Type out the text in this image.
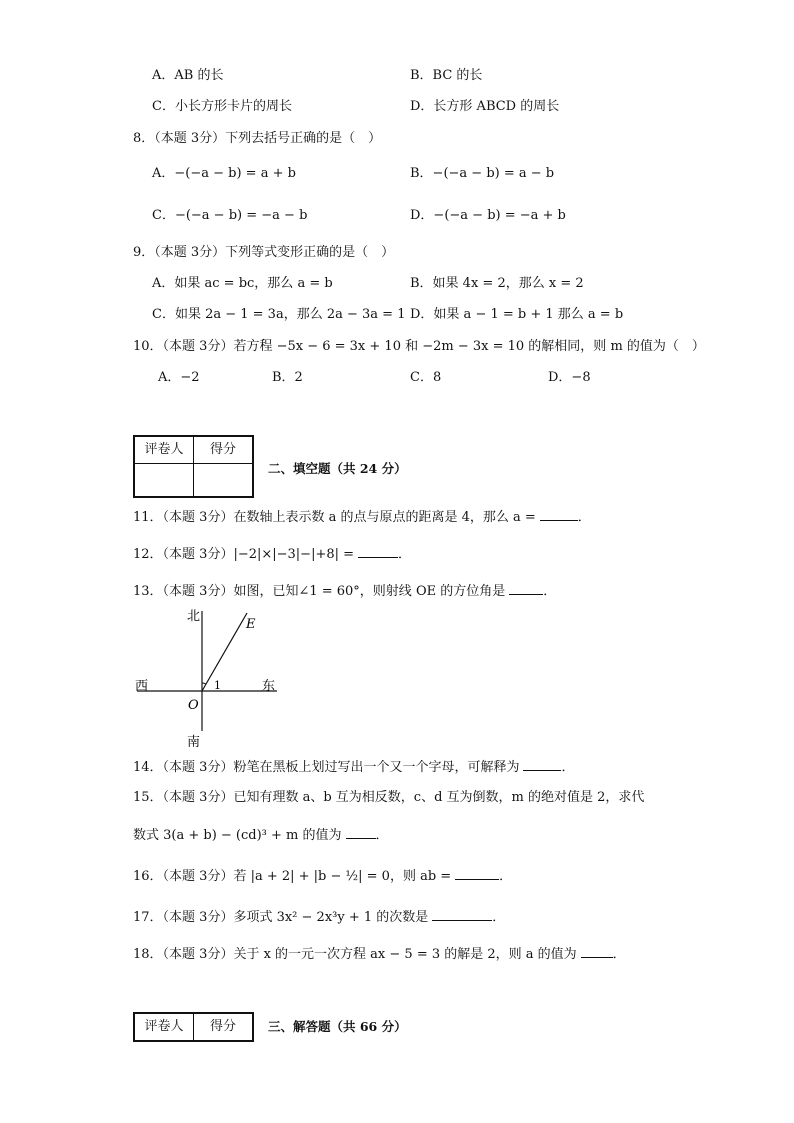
A．AB 的长	B．BC 的长
C．小长方形卡片的周长	D．长方形 ABCD 的周长
8．（本题 3分）下列去括号正确的是（　）
A．−(−a − b) = a + b	B．−(−a − b) = a − b
C．−(−a − b) = −a − b	D．−(−a − b) = −a + b
9．（本题 3分）下列等式变形正确的是（　）
A．如果 ac = bc，那么 a = b	B．如果 4x = 2，那么 x = 2
C．如果 2a − 1 = 3a，那么 2a − 3a = 1 D．如果 a − 1 = b + 1 那么 a = b
10．（本题 3分）若方程 −5x − 6 = 3x + 10 和 −2m − 3x = 10 的解相同，则 m 的值为（　）
A．−2	B．2	C．8	D．−8
评卷人	得分

二、填空题（共 24 分）
11．（本题 3分）在数轴上表示数 a 的点与原点的距离是 4，那么 a =	．
12．（本题 3分）|−2|×|−3|−|+8| =	．
13．（本题 3分）如图，已知∠1 = 60°，则射线 OE 的方位角是	．
北
南
西	东
O
E
1
14．（本题 3分）粉笔在黑板上划过写出一个又一个字母，可解释为	．
15．（本题 3分）已知有理数 a、b 互为相反数，c、d 互为倒数，m 的绝对值是 2，求代
数式 3(a + b) − (cd)³ + m 的值为	．
16．（本题 3分）若 |a + 2| + |b − ½| = 0，则 ab =	．
17．（本题 3分）多项式 3x² − 2x³y + 1 的次数是	．
18．（本题 3分）关于 x 的一元一次方程 ax − 5 = 3 的解是 2，则 a 的值为	．
评卷人	得分	三、解答题（共 66 分）
